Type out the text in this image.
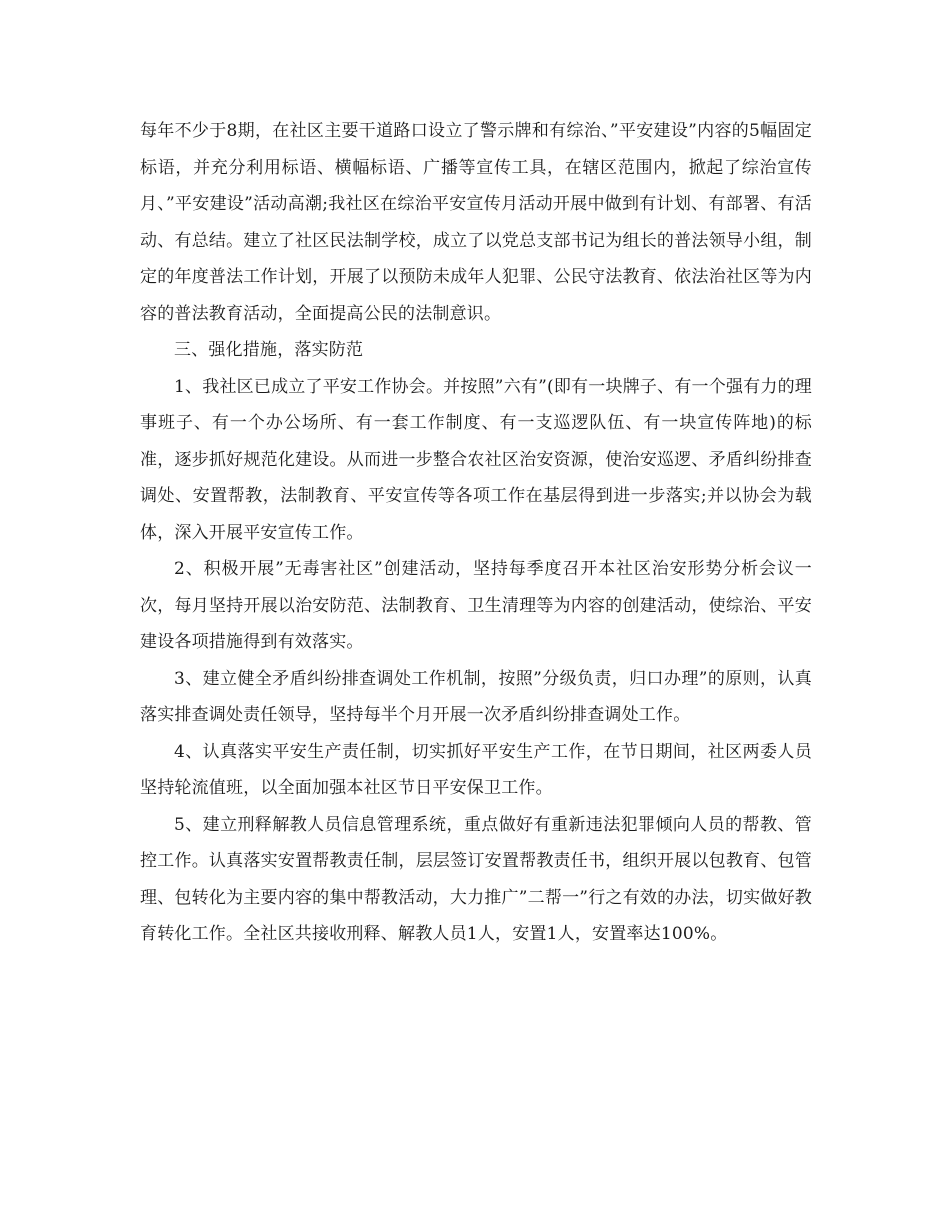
每年不少于8期，在社区主要干道路口设立了警示牌和有综治、”平安建设”内容的5幅固定标语，并充分利用标语、横幅标语、广播等宣传工具，在辖区范围内，掀起了综治宣传月、”平安建设”活动高潮;我社区在综治平安宣传月活动开展中做到有计划、有部署、有活动、有总结。建立了社区民法制学校，成立了以党总支部书记为组长的普法领导小组，制定的年度普法工作计划，开展了以预防未成年人犯罪、公民守法教育、依法治社区等为内容的普法教育活动，全面提高公民的法制意识。

三、强化措施，落实防范

1、我社区已成立了平安工作协会。并按照”六有”(即有一块牌子、有一个强有力的理事班子、有一个办公场所、有一套工作制度、有一支巡逻队伍、有一块宣传阵地)的标准，逐步抓好规范化建设。从而进一步整合农社区治安资源，使治安巡逻、矛盾纠纷排查调处、安置帮教，法制教育、平安宣传等各项工作在基层得到进一步落实;并以协会为载体，深入开展平安宣传工作。

2、积极开展”无毒害社区”创建活动，坚持每季度召开本社区治安形势分析会议一次，每月坚持开展以治安防范、法制教育、卫生清理等为内容的创建活动，使综治、平安建设各项措施得到有效落实。

3、建立健全矛盾纠纷排查调处工作机制，按照”分级负责，归口办理”的原则，认真落实排查调处责任领导，坚持每半个月开展一次矛盾纠纷排查调处工作。

4、认真落实平安生产责任制，切实抓好平安生产工作，在节日期间，社区两委人员坚持轮流值班，以全面加强本社区节日平安保卫工作。

5、建立刑释解教人员信息管理系统，重点做好有重新违法犯罪倾向人员的帮教、管控工作。认真落实安置帮教责任制，层层签订安置帮教责任书，组织开展以包教育、包管理、包转化为主要内容的集中帮教活动，大力推广”二帮一”行之有效的办法，切实做好教育转化工作。全社区共接收刑释、解教人员1人，安置1人，安置率达100%。
